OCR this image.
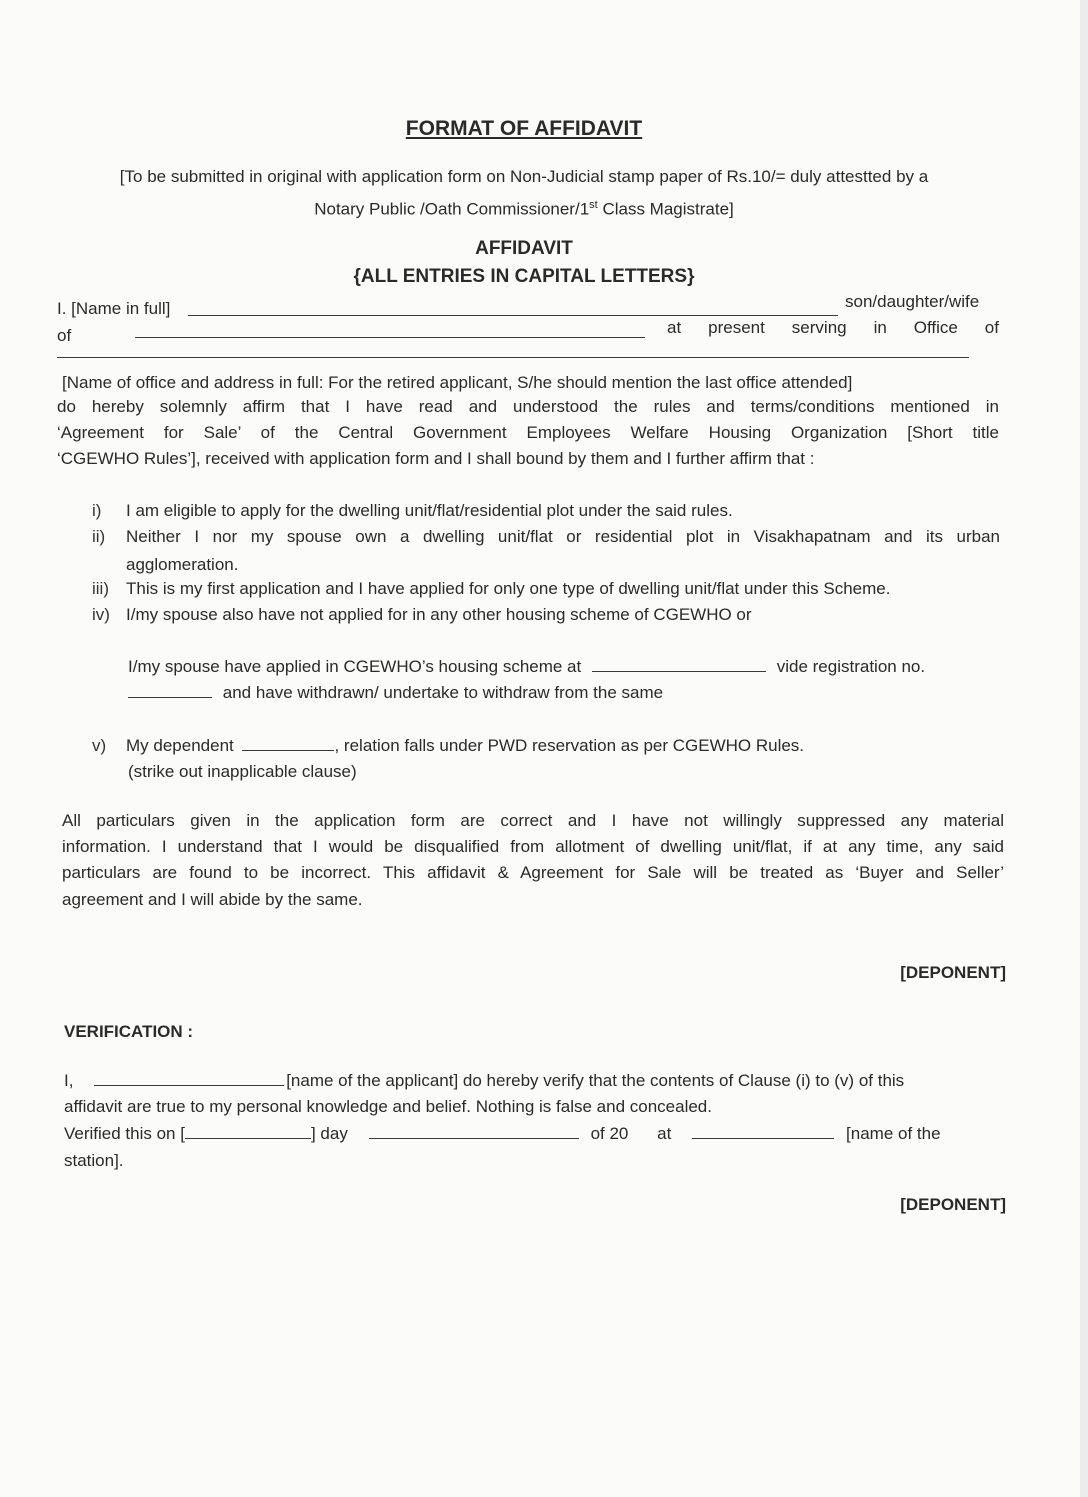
FORMAT OF AFFIDAVIT
[To be submitted in original with application form on Non-Judicial stamp paper of Rs.10/= duly attestted by a
Notary Public /Oath Commissioner/1st Class Magistrate]
AFFIDAVIT
{ALL ENTRIES IN CAPITAL LETTERS}
I. [Name in full]	son/daughter/wife
of	at present serving in Office of
[Name of office and address in full: For the retired applicant, S/he should mention the last office attended]
do hereby solemnly affirm that I have read and understood the rules and terms/conditions mentioned in
‘Agreement for Sale’ of the Central Government Employees Welfare Housing Organization [Short title
‘CGEWHO Rules’], received with application form and I shall bound by them and I further affirm that :
i) I am eligible to apply for the dwelling unit/flat/residential plot under the said rules.
ii) Neither I nor my spouse own a dwelling unit/flat or residential plot in Visakhapatnam and its urban
agglomeration.
iii) This is my first application and I have applied for only one type of dwelling unit/flat under this Scheme.
iv) I/my spouse also have not applied for in any other housing scheme of CGEWHO or
I/my spouse have applied in CGEWHO’s housing scheme at	vide registration no.
and have withdrawn/ undertake to withdraw from the same
v) My dependent	, relation falls under PWD reservation as per CGEWHO Rules.
(strike out inapplicable clause)
All particulars given in the application form are correct and I have not willingly suppressed any material
information. I understand that I would be disqualified from allotment of dwelling unit/flat, if at any time, any said
particulars are found to be incorrect. This affidavit & Agreement for Sale will be treated as ‘Buyer and Seller’
agreement and I will abide by the same.
[DEPONENT]
VERIFICATION :
I,	[name of the applicant] do hereby verify that the contents of Clause (i) to (v) of this
affidavit are true to my personal knowledge and belief. Nothing is false and concealed.
Verified this on [	] day	of 20 at	[name of the
station].
[DEPONENT]
